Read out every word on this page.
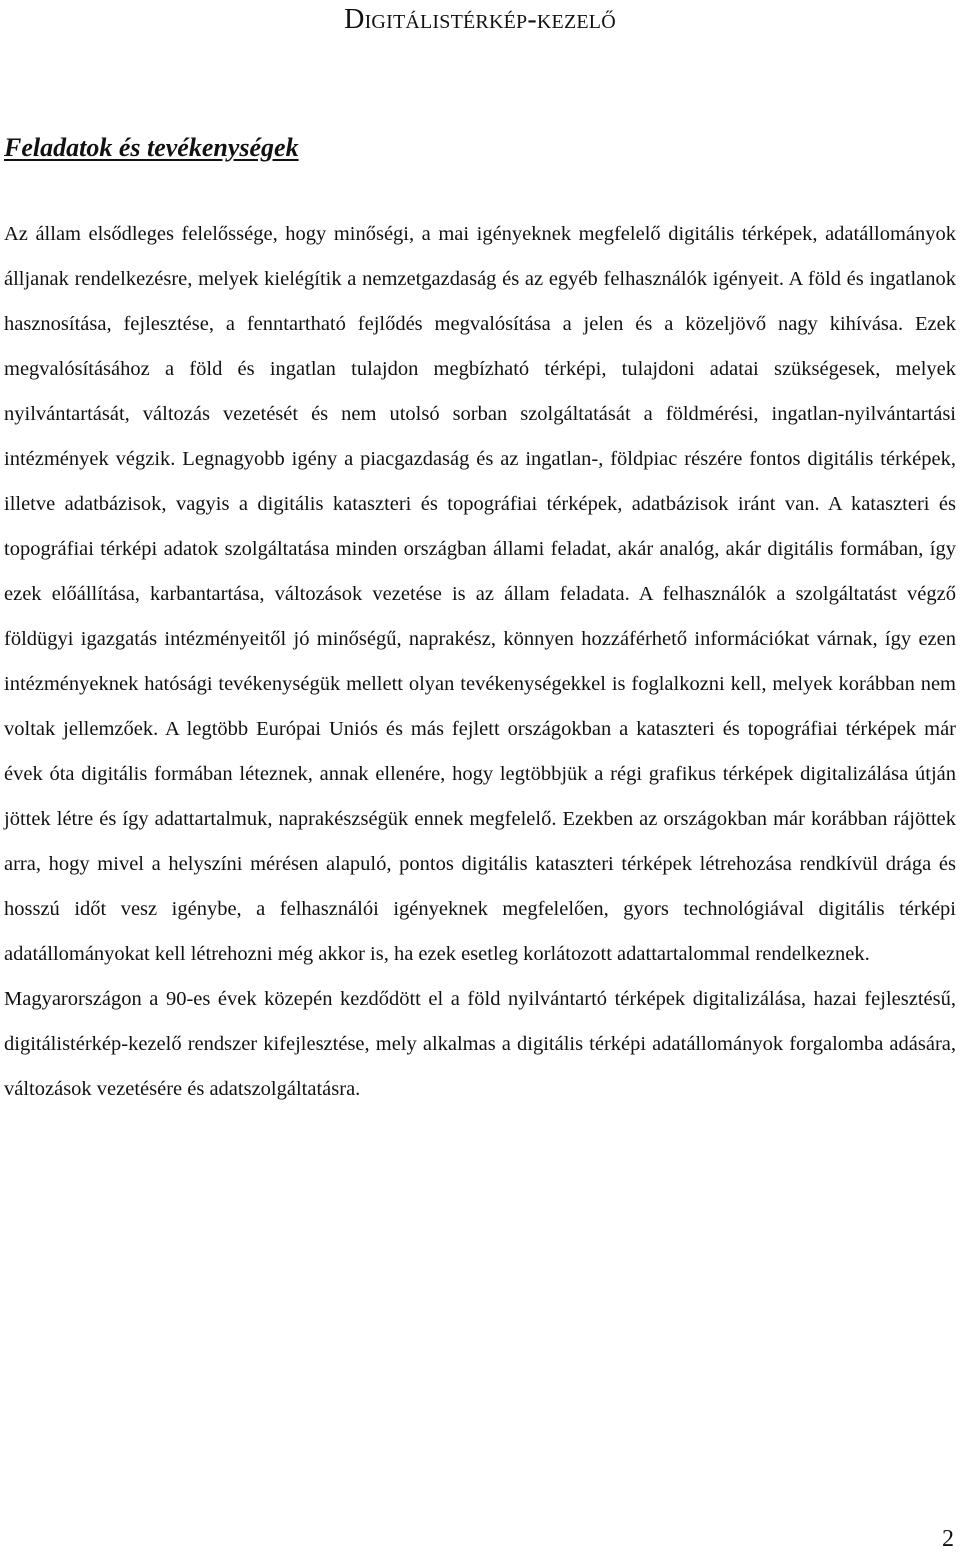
Digitálistérkép-kezelő
Feladatok és tevékenységek

Az állam elsődleges felelőssége, hogy minőségi, a mai igényeknek megfelelő digitális térképek, adatállományok álljanak rendelkezésre, melyek kielégítik a nemzetgazdaság és az egyéb felhasználók igényeit. A föld és ingatlanok hasznosítása, fejlesztése, a fenntartható fejlődés megvalósítása a jelen és a közeljövő nagy kihívása. Ezek megvalósításához a föld és ingatlan tulajdon megbízható térképi, tulajdoni adatai szükségesek, melyek nyilvántartását, változás vezetését és nem utolsó sorban szolgáltatását a földmérési, ingatlan-nyilvántartási intézmények végzik. Legnagyobb igény a piacgazdaság és az ingatlan-, földpiac részére fontos digitális térképek, illetve adatbázisok, vagyis a digitális kataszteri és topográfiai térképek, adatbázisok iránt van. A kataszteri és topográfiai térképi adatok szolgáltatása minden országban állami feladat, akár analóg, akár digitális formában, így ezek előállítása, karbantartása, változások vezetése is az állam feladata. A felhasználók a szolgáltatást végző földügyi igazgatás intézményeitől jó minőségű, naprakész, könnyen hozzáférhető információkat várnak, így ezen intézményeknek hatósági tevékenységük mellett olyan tevékenységekkel is foglalkozni kell, melyek korábban nem voltak jellemzőek. A legtöbb Európai Uniós és más fejlett országokban a kataszteri és topográfiai térképek már évek óta digitális formában léteznek, annak ellenére, hogy legtöbbjük a régi grafikus térképek digitalizálása útján jöttek létre és így adattartalmuk, naprakészségük ennek megfelelő. Ezekben az országokban már korábban rájöttek arra, hogy mivel a helyszíni mérésen alapuló, pontos digitális kataszteri térképek létrehozása rendkívül drága és hosszú időt vesz igénybe, a felhasználói igényeknek megfelelően, gyors technológiával digitális térképi adatállományokat kell létrehozni még akkor is, ha ezek esetleg korlátozott adattartalommal rendelkeznek.

Magyarországon a 90-es évek közepén kezdődött el a föld nyilvántartó térképek digitalizálása, hazai fejlesztésű, digitálistérkép-kezelő rendszer kifejlesztése, mely alkalmas a digitális térképi adatállományok forgalomba adására, változások vezetésére és adatszolgáltatásra.

2
